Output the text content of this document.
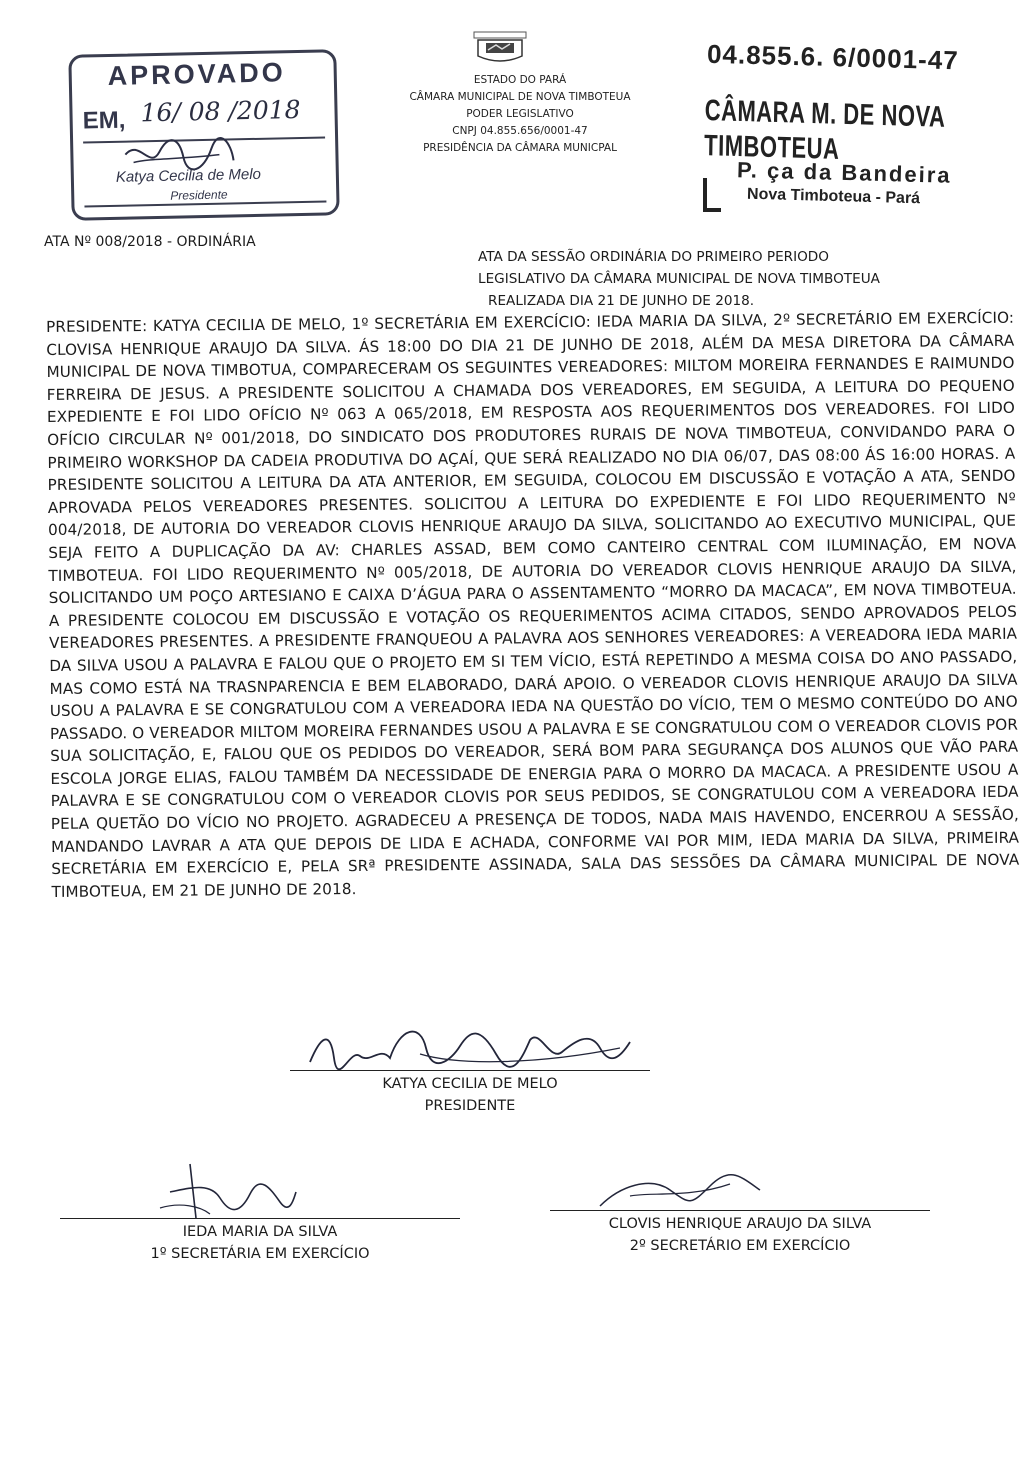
APROVADO
EM, 16/ 08 /2018
Katya Cecilia de Melo
Presidente
ESTADO DO PARÁ
CÂMARA MUNICIPAL DE NOVA TIMBOTEUA
PODER LEGISLATIVO
CNPJ 04.855.656/0001-47
PRESIDÊNCIA DA CÂMARA MUNICPAL
04.855.6. 6/0001-47
CÂMARA M. DE NOVA TIMBOTEUA
P. ça da Bandeira
Nova Timboteua - Pará
ATA Nº 008/2018 - ORDINÁRIA
ATA DA SESSÃO ORDINÁRIA DO PRIMEIRO PERIODO
LEGISLATIVO DA CÂMARA MUNICIPAL DE NOVA TIMBOTEUA
REALIZADA DIA 21 DE JUNHO DE 2018.
PRESIDENTE: KATYA CECILIA DE MELO, 1º SECRETÁRIA EM EXERCÍCIO: IEDA MARIA DA SILVA, 2º SECRETÁRIO EM EXERCÍCIO: CLOVISA HENRIQUE ARAUJO DA SILVA. ÁS 18:00 DO DIA 21 DE JUNHO DE 2018, ALÉM DA MESA DIRETORA DA CÂMARA MUNICIPAL DE NOVA TIMBOTUA, COMPARECERAM OS SEGUINTES VEREADORES: MILTOM MOREIRA FERNANDES E RAIMUNDO FERREIRA DE JESUS. A PRESIDENTE SOLICITOU A CHAMADA DOS VEREADORES, EM SEGUIDA, A LEITURA DO PEQUENO EXPEDIENTE E FOI LIDO OFÍCIO Nº 063 A 065/2018, EM RESPOSTA AOS REQUERIMENTOS DOS VEREADORES. FOI LIDO OFÍCIO CIRCULAR Nº 001/2018, DO SINDICATO DOS PRODUTORES RURAIS DE NOVA TIMBOTEUA, CONVIDANDO PARA O PRIMEIRO WORKSHOP DA CADEIA PRODUTIVA DO AÇAÍ, QUE SERÁ REALIZADO NO DIA 06/07, DAS 08:00 ÁS 16:00 HORAS. A PRESIDENTE SOLICITOU A LEITURA DA ATA ANTERIOR, EM SEGUIDA, COLOCOU EM DISCUSSÃO E VOTAÇÃO A ATA, SENDO APROVADA PELOS VEREADORES PRESENTES. SOLICITOU A LEITURA DO EXPEDIENTE E FOI LIDO REQUERIMENTO Nº 004/2018, DE AUTORIA DO VEREADOR CLOVIS HENRIQUE ARAUJO DA SILVA, SOLICITANDO AO EXECUTIVO MUNICIPAL, QUE SEJA FEITO A DUPLICAÇÃO DA AV: CHARLES ASSAD, BEM COMO CANTEIRO CENTRAL COM ILUMINAÇÃO, EM NOVA TIMBOTEUA. FOI LIDO REQUERIMENTO Nº 005/2018, DE AUTORIA DO VEREADOR CLOVIS HENRIQUE ARAUJO DA SILVA, SOLICITANDO UM POÇO ARTESIANO E CAIXA D’ÁGUA PARA O ASSENTAMENTO “MORRO DA MACACA”, EM NOVA TIMBOTEUA. A PRESIDENTE COLOCOU EM DISCUSSÃO E VOTAÇÃO OS REQUERIMENTOS ACIMA CITADOS, SENDO APROVADOS PELOS VEREADORES PRESENTES. A PRESIDENTE FRANQUEOU A PALAVRA AOS SENHORES VEREADORES: A VEREADORA IEDA MARIA DA SILVA USOU A PALAVRA E FALOU QUE O PROJETO EM SI TEM VÍCIO, ESTÁ REPETINDO A MESMA COISA DO ANO PASSADO, MAS COMO ESTÁ NA TRASNPARENCIA E BEM ELABORADO, DARÁ APOIO. O VEREADOR CLOVIS HENRIQUE ARAUJO DA SILVA USOU A PALAVRA E SE CONGRATULOU COM A VEREADORA IEDA NA QUESTÃO DO VÍCIO, TEM O MESMO CONTEÚDO DO ANO PASSADO. O VEREADOR MILTOM MOREIRA FERNANDES USOU A PALAVRA E SE CONGRATULOU COM O VEREADOR CLOVIS POR SUA SOLICITAÇÃO, E, FALOU QUE OS PEDIDOS DO VEREADOR, SERÁ BOM PARA SEGURANÇA DOS ALUNOS QUE VÃO PARA ESCOLA JORGE ELIAS, FALOU TAMBÉM DA NECESSIDADE DE ENERGIA PARA O MORRO DA MACACA. A PRESIDENTE USOU A PALAVRA E SE CONGRATULOU COM O VEREADOR CLOVIS POR SEUS PEDIDOS, SE CONGRATULOU COM A VEREADORA IEDA PELA QUETÃO DO VÍCIO NO PROJETO. AGRADECEU A PRESENÇA DE TODOS, NADA MAIS HAVENDO, ENCERROU A SESSÃO, MANDANDO LAVRAR A ATA QUE DEPOIS DE LIDA E ACHADA, CONFORME VAI POR MIM, IEDA MARIA DA SILVA, PRIMEIRA SECRETÁRIA EM EXERCÍCIO E, PELA SRª PRESIDENTE ASSINADA, SALA DAS SESSÕES DA CÂMARA MUNICIPAL DE NOVA TIMBOTEUA, EM 21 DE JUNHO DE 2018.
KATYA CECILIA DE MELO
PRESIDENTE
IEDA MARIA DA SILVA
1º SECRETÁRIA EM EXERCÍCIO
CLOVIS HENRIQUE ARAUJO DA SILVA
2º SECRETÁRIO EM EXERCÍCIO
